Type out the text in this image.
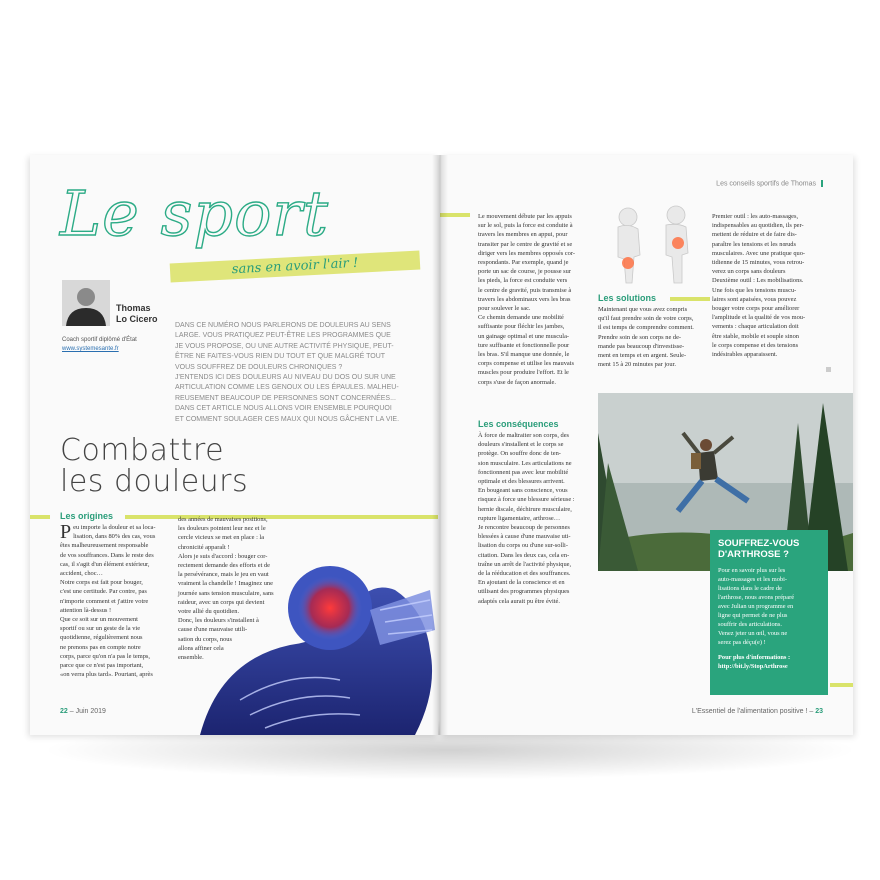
Le sport
sans en avoir l'air !
Thomas
Lo Cicero
Coach sportif diplômé d'État
www.systemesante.fr
DANS CE NUMÉRO NOUS PARLERONS DE DOULEURS AU SENS
LARGE. VOUS PRATIQUEZ PEUT-ÊTRE LES PROGRAMMES QUE
JE VOUS PROPOSE, OU UNE AUTRE ACTIVITÉ PHYSIQUE, PEUT-
ÊTRE NE FAITES-VOUS RIEN DU TOUT ET QUE MALGRÉ TOUT
VOUS SOUFFREZ DE DOULEURS CHRONIQUES ?
J'ENTENDS ICI DES DOULEURS AU NIVEAU DU DOS OU SUR UNE
ARTICULATION COMME LES GENOUX OU LES ÉPAULES. MALHEU-
REUSEMENT BEAUCOUP DE PERSONNES SONT CONCERNÉES...
DANS CET ARTICLE NOUS ALLONS VOIR ENSEMBLE POURQUOI
ET COMMENT SOULAGER CES MAUX QUI NOUS GÂCHENT LA VIE.
Combattre
les douleurs
Les origines
P eu importe la douleur et sa loca-
lisation, dans 80% des cas, vous
êtes malheureusement responsable
de vos souffrances. Dans le reste des
cas, il s'agit d'un élément extérieur,
accident, choc…
Notre corps est fait pour bouger,
c'est une certitude. Par contre, pas
n'importe comment et j'attire votre
attention là-dessus !
Que ce soit sur un mouvement
sportif ou sur un geste de la vie
quotidienne, régulièrement nous
ne prenons pas en compte notre
corps, parce qu'on n'a pas le temps,
parce que ce n'est pas important,
«on verra plus tard». Pourtant, après
des années de mauvaises positions,
les douleurs pointent leur nez et le
cercle vicieux se met en place : la
chronicité apparaît !
Alors je suis d'accord : bouger cor-
rectement demande des efforts et de
la persévérance, mais le jeu en vaut
vraiment la chandelle ! Imaginez une
journée sans tension musculaire, sans
raideur, avec un corps qui devient
votre allié du quotidien.
Donc, les douleurs s'installent à
cause d'une mauvaise utili-
sation du corps, nous
allons affiner cela
ensemble.
22 – Juin 2019
Les conseils sportifs de Thomas
Le mouvement débute par les appuis
sur le sol, puis la force est conduite à
travers les membres en appui, pour
transiter par le centre de gravité et se
diriger vers les membres opposés cor-
respondants. Par exemple, quand je
porte un sac de course, je pousse sur
les pieds, la force est conduite vers
le centre de gravité, puis transmise à
travers les abdominaux vers les bras
pour soulever le sac.
Ce chemin demande une mobilité
suffisante pour fléchir les jambes,
un gainage optimal et une muscula-
ture suffisante et fonctionnelle pour
les bras. S'il manque une donnée, le
corps compense et utilise les mauvais
muscles pour produire l'effort. Et le
corps s'use de façon anormale.
Les conséquences
À force de maltraiter son corps, des
douleurs s'installent et le corps se
protège. On souffre donc de ten-
sion musculaire. Les articulations ne
fonctionnent pas avec leur mobilité
optimale et des blessures arrivent.
En bougeant sans conscience, vous
risquez à force une blessure sérieuse :
hernie discale, déchirure musculaire,
rupture ligamentaire, arthrose…
Je rencontre beaucoup de personnes
blessées à cause d'une mauvaise uti-
lisation du corps ou d'une sur-solli-
citation. Dans les deux cas, cela en-
traîne un arrêt de l'activité physique,
de la rééducation et des souffrances.
En ajoutant de la conscience et en
utilisant des programmes physiques
adaptés cela aurait pu être évité.
Les solutions
Maintenant que vous avez compris
qu'il faut prendre soin de votre corps,
il est temps de comprendre comment.
Prendre soin de son corps ne de-
mande pas beaucoup d'investisse-
ment en temps et en argent. Seule-
ment 15 à 20 minutes par jour.
Premier outil : les auto-massages,
indispensables au quotidien, ils per-
mettent de réduire et de faire dis-
paraître les tensions et les nœuds
musculaires. Avec une pratique quo-
tidienne de 15 minutes, vous retrou-
verez un corps sans douleurs
Deuxième outil : Les mobilisations.
Une fois que les tensions muscu-
laires sont apaisées, vous pouvez
bouger votre corps pour améliorer
l'amplitude et la qualité de vos mou-
vements : chaque articulation doit
être stable, mobile et souple sinon
le corps compense et des tensions
indésirables apparaissent.
SOUFFREZ-VOUS
D'ARTHROSE ?
Pour en savoir plus sur les
auto-massages et les mobi-
lisations dans le cadre de
l'arthrose, nous avons préparé
avec Julian un programme en
ligne qui permet de ne plus
souffrir des articulations.
Venez jeter un œil, vous ne
serez pas déçu(e) !
Pour plus d'informations :
http://bit.ly/StopArthrose
L'Essentiel de l'alimentation positive ! – 23
